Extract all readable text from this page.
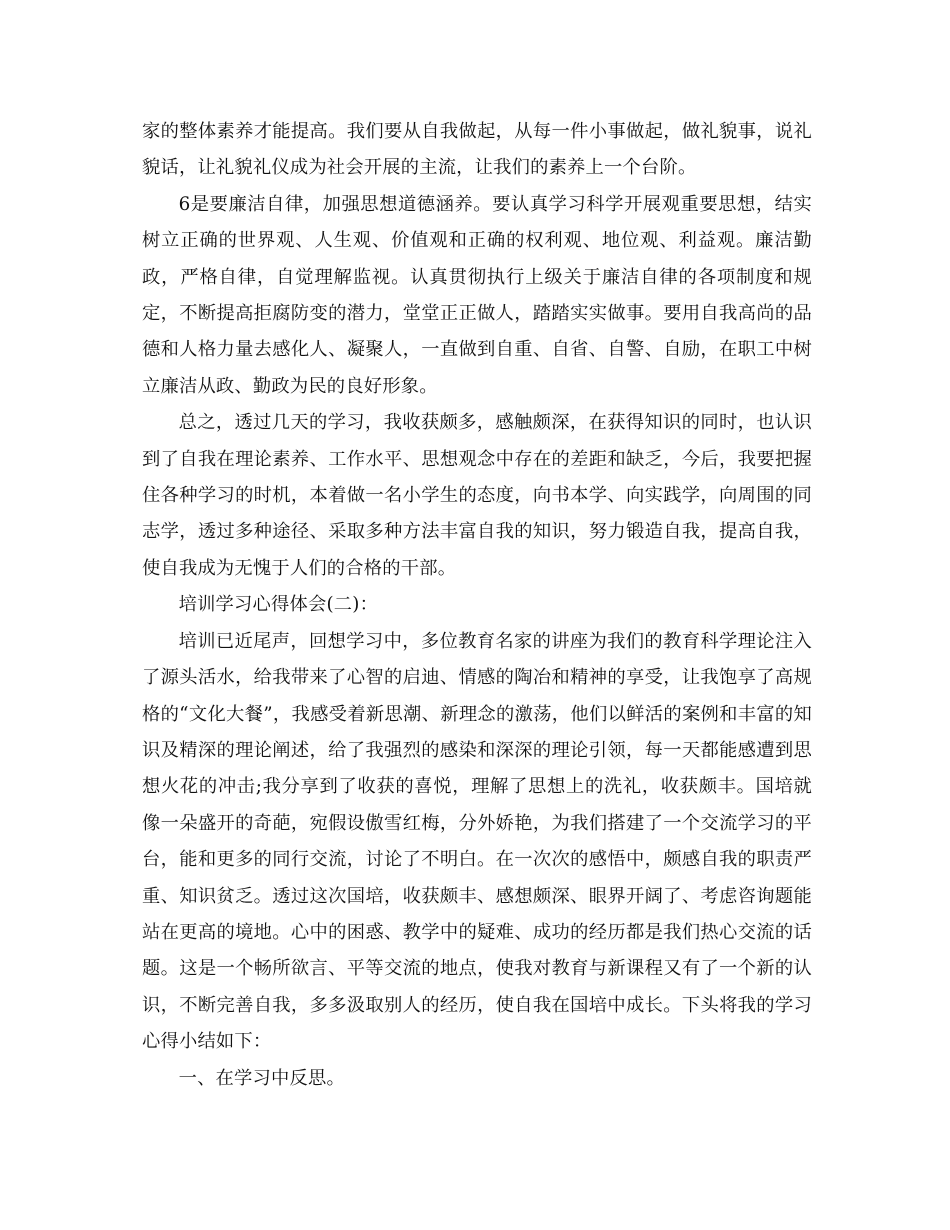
家的整体素养才能提高。我们要从自我做起，从每一件小事做起，做礼貌事，说礼貌话，让礼貌礼仪成为社会开展的主流，让我们的素养上一个台阶。

6是要廉洁自律，加强思想道德涵养。要认真学习科学开展观重要思想，结实树立正确的世界观、人生观、价值观和正确的权利观、地位观、利益观。廉洁勤政，严格自律，自觉理解监视。认真贯彻执行上级关于廉洁自律的各项制度和规定，不断提高拒腐防变的潜力，堂堂正正做人，踏踏实实做事。要用自我高尚的品德和人格力量去感化人、凝聚人，一直做到自重、自省、自警、自励，在职工中树立廉洁从政、勤政为民的良好形象。

总之，透过几天的学习，我收获颇多，感触颇深，在获得知识的同时，也认识到了自我在理论素养、工作水平、思想观念中存在的差距和缺乏，今后，我要把握住各种学习的时机，本着做一名小学生的态度，向书本学、向实践学，向周围的同志学，透过多种途径、采取多种方法丰富自我的知识，努力锻造自我，提高自我，使自我成为无愧于人们的合格的干部。

培训学习心得体会(二)：

培训已近尾声，回想学习中，多位教育名家的讲座为我们的教育科学理论注入了源头活水，给我带来了心智的启迪、情感的陶冶和精神的享受，让我饱享了高规格的“文化大餐”，我感受着新思潮、新理念的激荡，他们以鲜活的案例和丰富的知识及精深的理论阐述，给了我强烈的感染和深深的理论引领，每一天都能感遭到思想火花的冲击;我分享到了收获的喜悦，理解了思想上的洗礼，收获颇丰。国培就像一朵盛开的奇葩，宛假设傲雪红梅，分外娇艳，为我们搭建了一个交流学习的平台，能和更多的同行交流，讨论了不明白。在一次次的感悟中，颇感自我的职责严重、知识贫乏。透过这次国培，收获颇丰、感想颇深、眼界开阔了、考虑咨询题能站在更高的境地。心中的困惑、教学中的疑难、成功的经历都是我们热心交流的话题。这是一个畅所欲言、平等交流的地点，使我对教育与新课程又有了一个新的认识，不断完善自我，多多汲取别人的经历，使自我在国培中成长。下头将我的学习心得小结如下：

一、在学习中反思。
